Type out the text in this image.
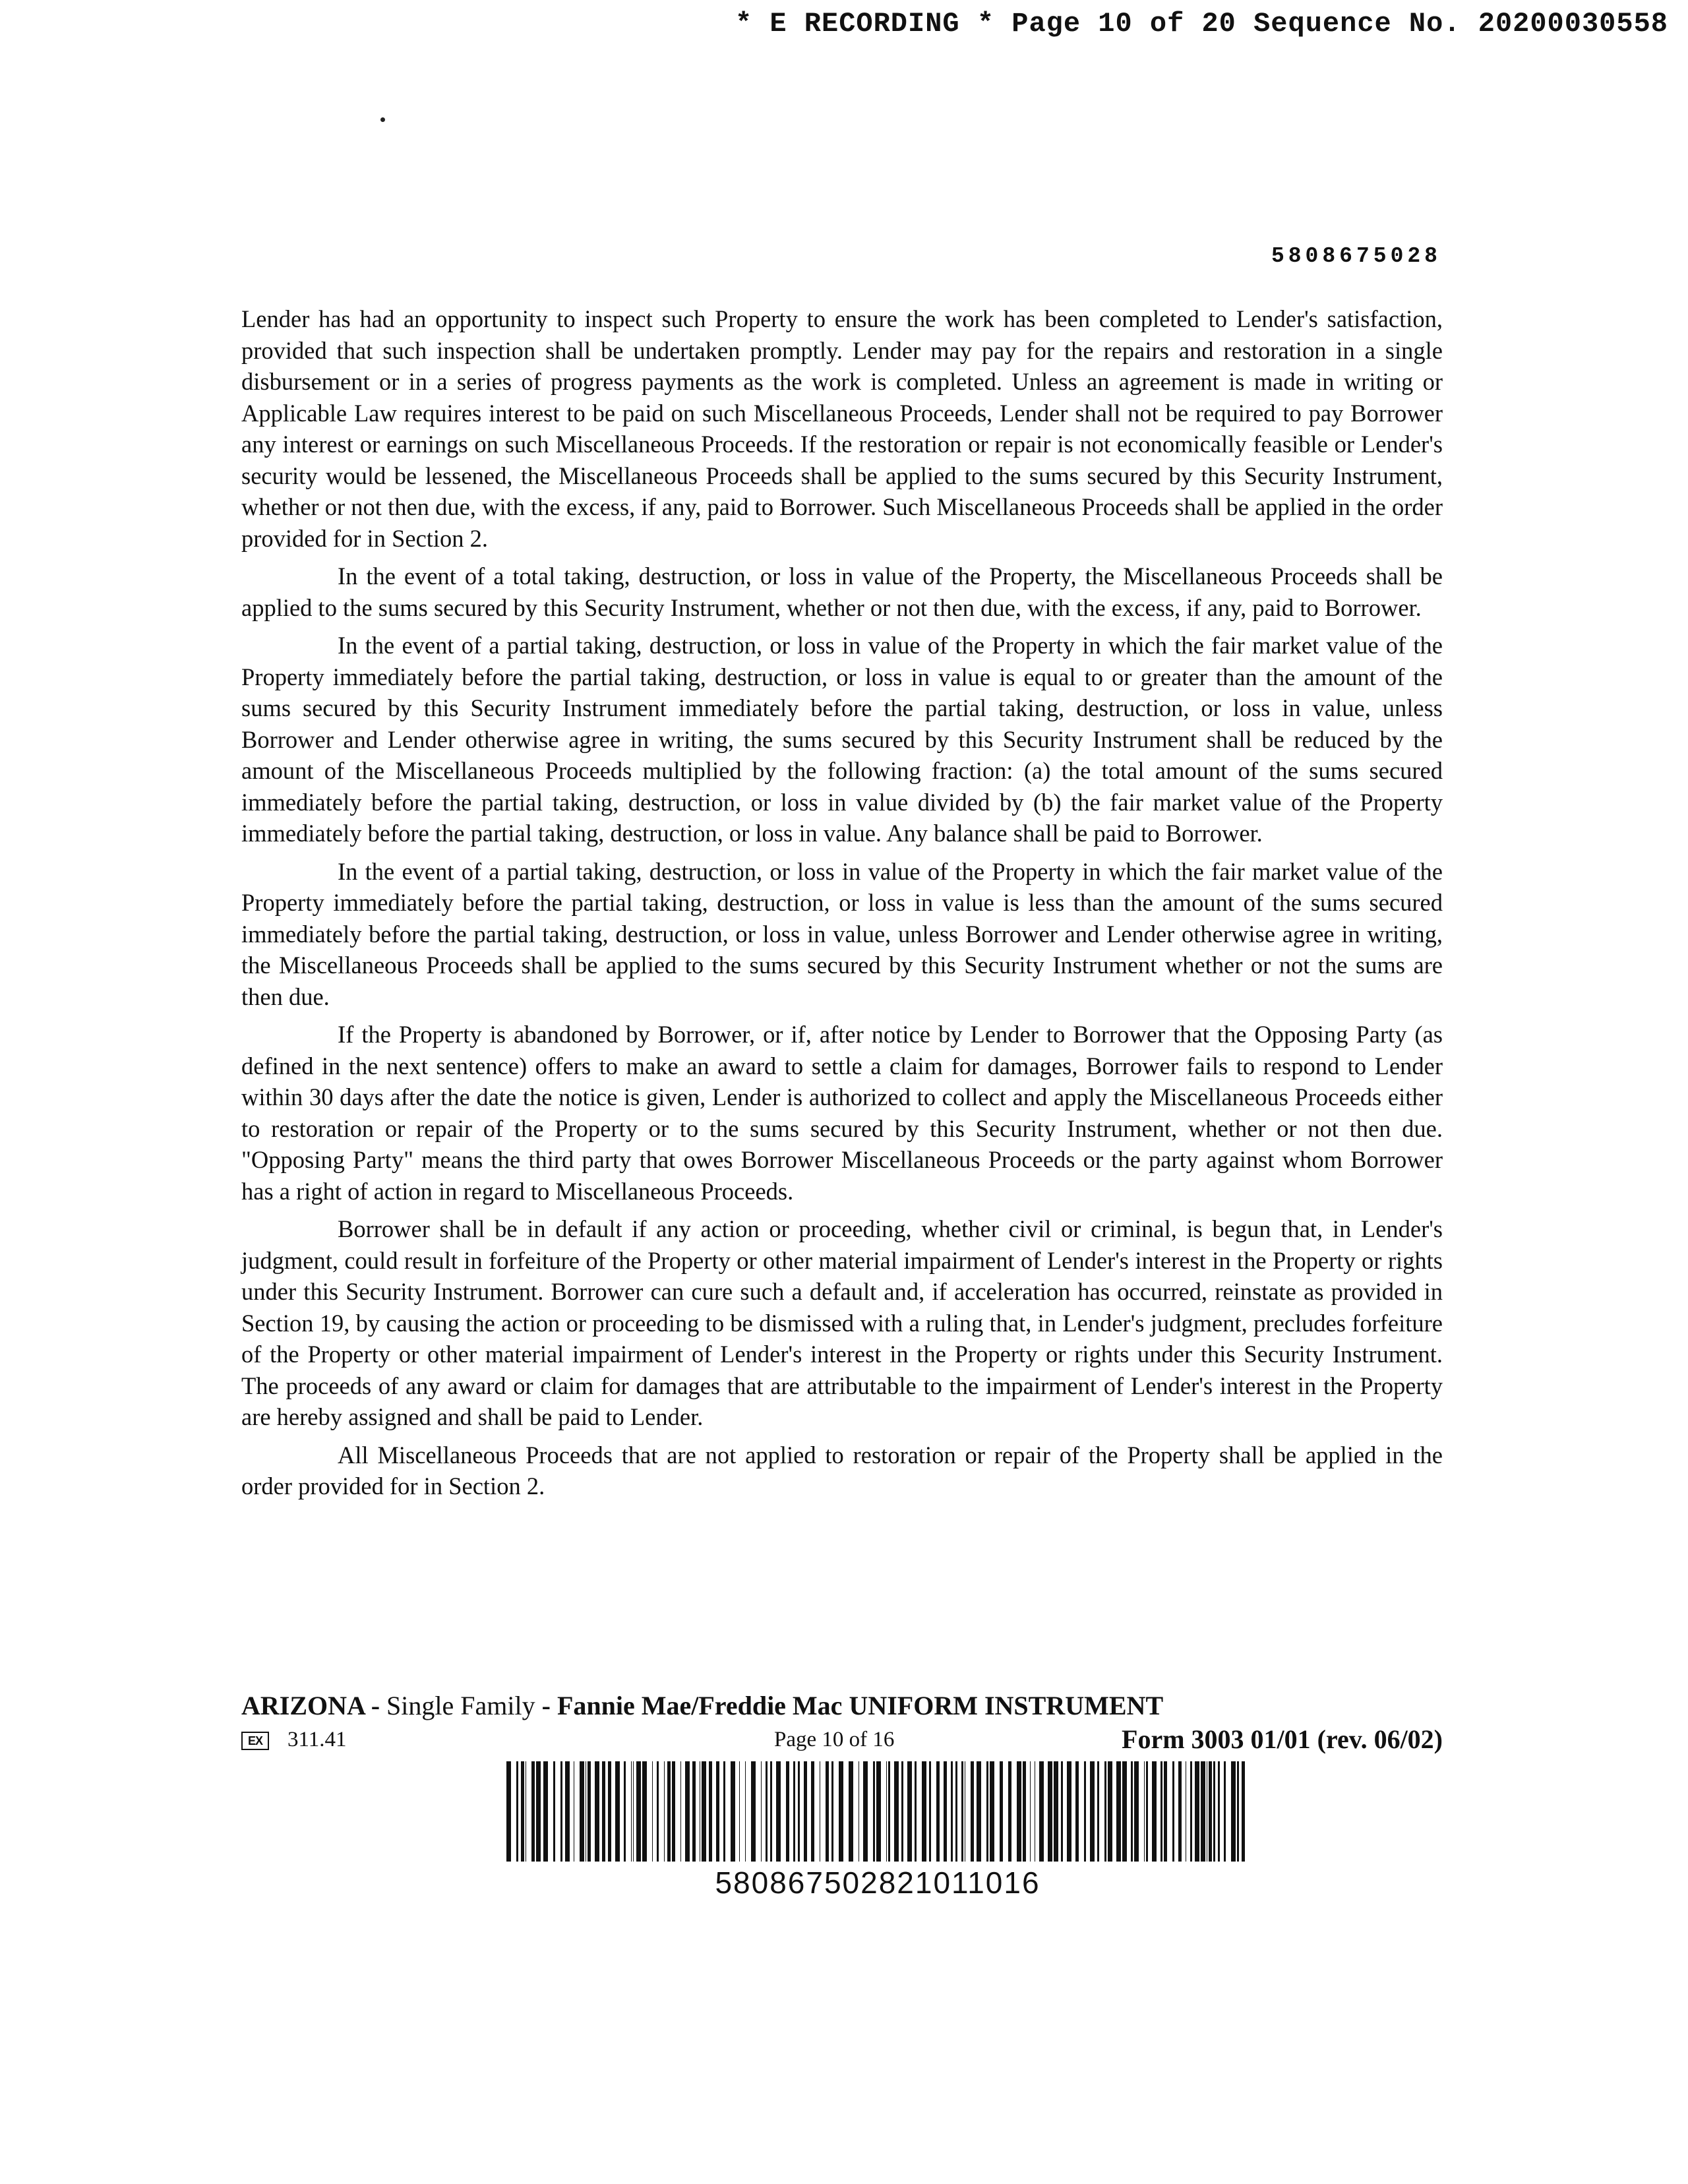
* E RECORDING * Page 10 of 20 Sequence No. 20200030558
5808675028

Lender has had an opportunity to inspect such Property to ensure the work has been completed to Lender's satisfaction, provided that such inspection shall be undertaken promptly. Lender may pay for the repairs and restoration in a single disbursement or in a series of progress payments as the work is completed. Unless an agreement is made in writing or Applicable Law requires interest to be paid on such Miscellaneous Proceeds, Lender shall not be required to pay Borrower any interest or earnings on such Miscellaneous Proceeds. If the restoration or repair is not economically feasible or Lender's security would be lessened, the Miscellaneous Proceeds shall be applied to the sums secured by this Security Instrument, whether or not then due, with the excess, if any, paid to Borrower. Such Miscellaneous Proceeds shall be applied in the order provided for in Section 2.

In the event of a total taking, destruction, or loss in value of the Property, the Miscellaneous Proceeds shall be applied to the sums secured by this Security Instrument, whether or not then due, with the excess, if any, paid to Borrower.

In the event of a partial taking, destruction, or loss in value of the Property in which the fair market value of the Property immediately before the partial taking, destruction, or loss in value is equal to or greater than the amount of the sums secured by this Security Instrument immediately before the partial taking, destruction, or loss in value, unless Borrower and Lender otherwise agree in writing, the sums secured by this Security Instrument shall be reduced by the amount of the Miscellaneous Proceeds multiplied by the following fraction: (a) the total amount of the sums secured immediately before the partial taking, destruction, or loss in value divided by (b) the fair market value of the Property immediately before the partial taking, destruction, or loss in value. Any balance shall be paid to Borrower.

In the event of a partial taking, destruction, or loss in value of the Property in which the fair market value of the Property immediately before the partial taking, destruction, or loss in value is less than the amount of the sums secured immediately before the partial taking, destruction, or loss in value, unless Borrower and Lender otherwise agree in writing, the Miscellaneous Proceeds shall be applied to the sums secured by this Security Instrument whether or not the sums are then due.

If the Property is abandoned by Borrower, or if, after notice by Lender to Borrower that the Opposing Party (as defined in the next sentence) offers to make an award to settle a claim for damages, Borrower fails to respond to Lender within 30 days after the date the notice is given, Lender is authorized to collect and apply the Miscellaneous Proceeds either to restoration or repair of the Property or to the sums secured by this Security Instrument, whether or not then due. "Opposing Party" means the third party that owes Borrower Miscellaneous Proceeds or the party against whom Borrower has a right of action in regard to Miscellaneous Proceeds.

Borrower shall be in default if any action or proceeding, whether civil or criminal, is begun that, in Lender's judgment, could result in forfeiture of the Property or other material impairment of Lender's interest in the Property or rights under this Security Instrument. Borrower can cure such a default and, if acceleration has occurred, reinstate as provided in Section 19, by causing the action or proceeding to be dismissed with a ruling that, in Lender's judgment, precludes forfeiture of the Property or other material impairment of Lender's interest in the Property or rights under this Security Instrument. The proceeds of any award or claim for damages that are attributable to the impairment of Lender's interest in the Property are hereby assigned and shall be paid to Lender.

All Miscellaneous Proceeds that are not applied to restoration or repair of the Property shall be applied in the order provided for in Section 2.

ARIZONA - Single Family - Fannie Mae/Freddie Mac UNIFORM INSTRUMENT
EX	311.41	Page 10 of 16	Form 3003 01/01 (rev. 06/02)
580867502821011016
